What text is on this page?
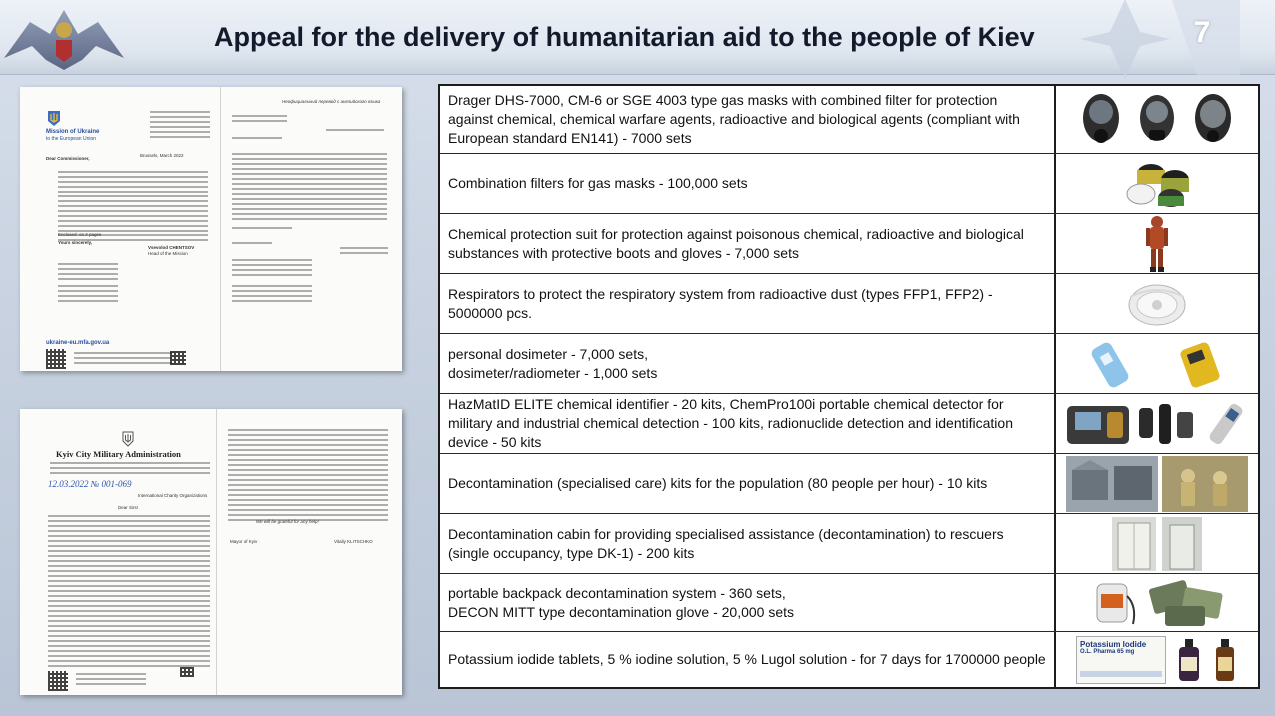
Appeal for the delivery of humanitarian aid to the people of Kiev	7
Mission of Ukraine
to the European Union
Brussels, March 2022
Dear Commissioner,
Enclosed: on 2 pages
Yours sincerely,
Vsevolod CHENTSOV
Head of the Mission
ukraine-eu.mfa.gov.ua
Неофициальный перевод с английского языка
Kyiv City Military Administration
12.03.2022 № 001-069
International Charity Organizations
Dear Sirs!
We will be grateful for any help!
Mayor of Kyiv	Vitaliy KLITSCHKO
Drager DHS-7000, CM-6 or SGE 4003 type gas masks with combined filter for protection against chemical, chemical warfare agents, radioactive and biological agents (compliant with European standard EN141) - 7000 sets
Combination filters for gas masks - 100,000 sets
Chemical protection suit for protection against poisonous chemical, radioactive and biological substances with protective boots and gloves - 7,000 sets
Respirators to protect the respiratory system from radioactive dust (types FFP1, FFP2) - 5000000 pcs.
personal dosimeter - 7,000 sets,
dosimeter/radiometer - 1,000 sets
HazMatID ELITE chemical identifier - 20 kits, ChemPro100i portable chemical detector for military and industrial chemical detection - 100 kits, radionuclide detection and identification device - 50 kits
Decontamination (specialised care) kits for the population (80 people per hour) - 10 kits
Decontamination cabin for providing specialised assistance (decontamination) to rescuers (single occupancy, type DK-1) - 200 kits
portable backpack decontamination system - 360 sets,
DECON MITT type decontamination glove - 20,000 sets
Potassium iodide tablets, 5 % iodine solution, 5 % Lugol solution - for 7 days for 1700000 people
Potassium Iodide
O.L. Pharma 65 mg
